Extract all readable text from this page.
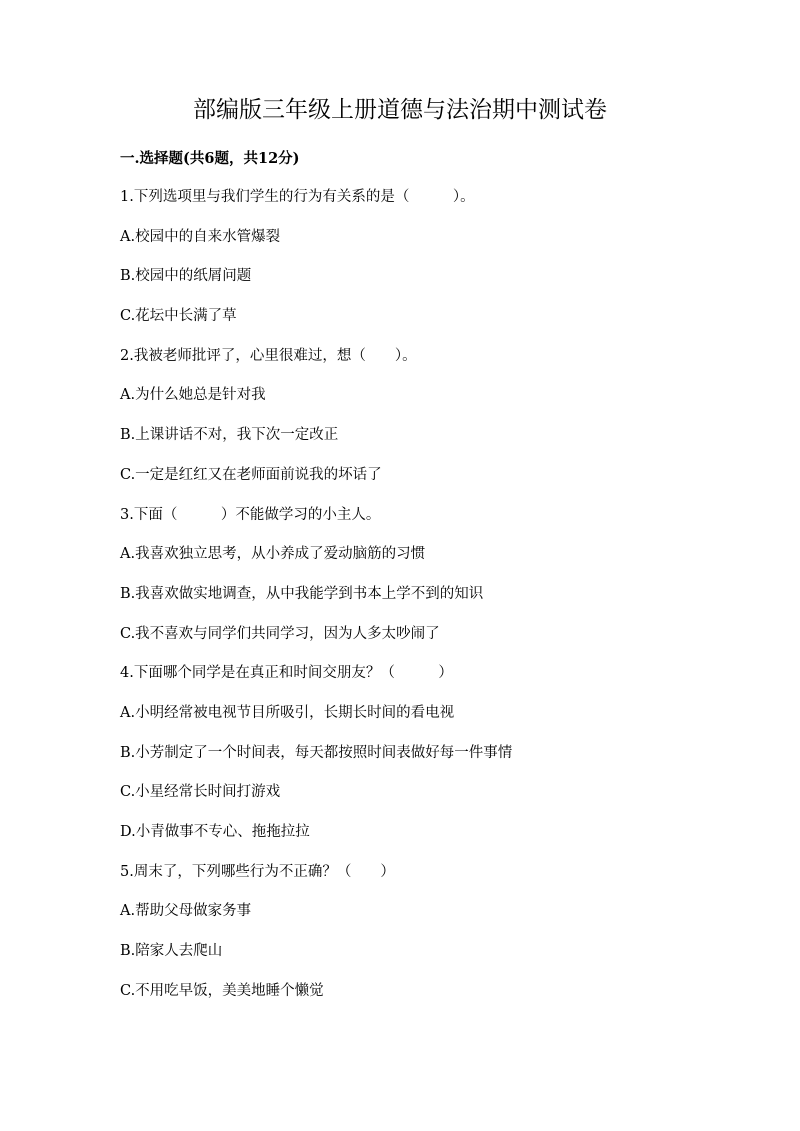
部编版三年级上册道德与法治期中测试卷
一.选择题(共6题，共12分)
1.下列选项里与我们学生的行为有关系的是（　　　）。
A.校园中的自来水管爆裂
B.校园中的纸屑问题
C.花坛中长满了草
2.我被老师批评了，心里很难过，想（　　）。
A.为什么她总是针对我
B.上课讲话不对，我下次一定改正
C.一定是红红又在老师面前说我的坏话了
3.下面（　　　）不能做学习的小主人。
A.我喜欢独立思考，从小养成了爱动脑筋的习惯
B.我喜欢做实地调查，从中我能学到书本上学不到的知识
C.我不喜欢与同学们共同学习，因为人多太吵闹了
4.下面哪个同学是在真正和时间交朋友？（　　　）
A.小明经常被电视节目所吸引，长期长时间的看电视
B.小芳制定了一个时间表，每天都按照时间表做好每一件事情
C.小星经常长时间打游戏
D.小青做事不专心、拖拖拉拉
5.周末了，下列哪些行为不正确？（　　）
A.帮助父母做家务事
B.陪家人去爬山
C.不用吃早饭，美美地睡个懒觉
